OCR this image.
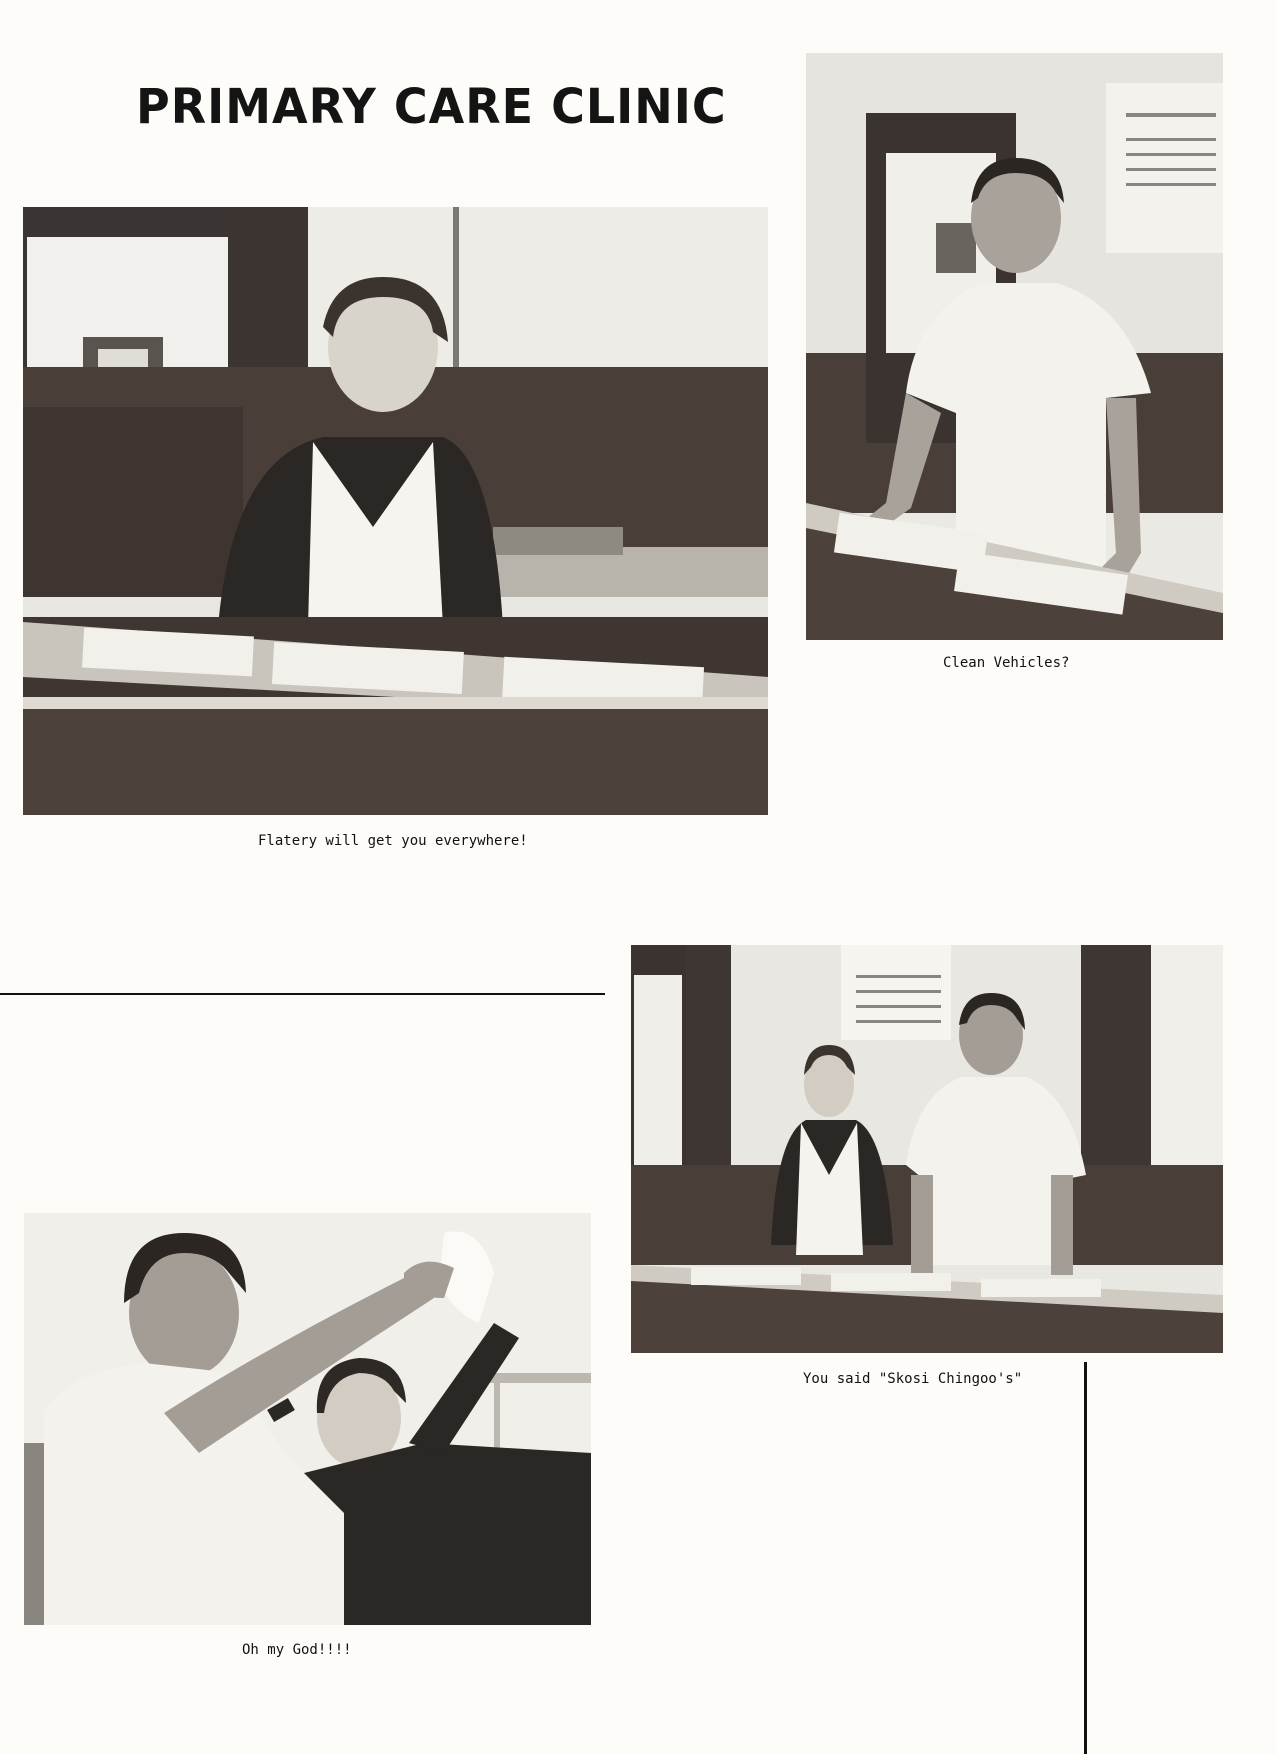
PRIMARY CARE CLINIC
Flatery will get you everywhere!
Clean Vehicles?
You said "Skosi Chingoo's"
Oh my God!!!!
